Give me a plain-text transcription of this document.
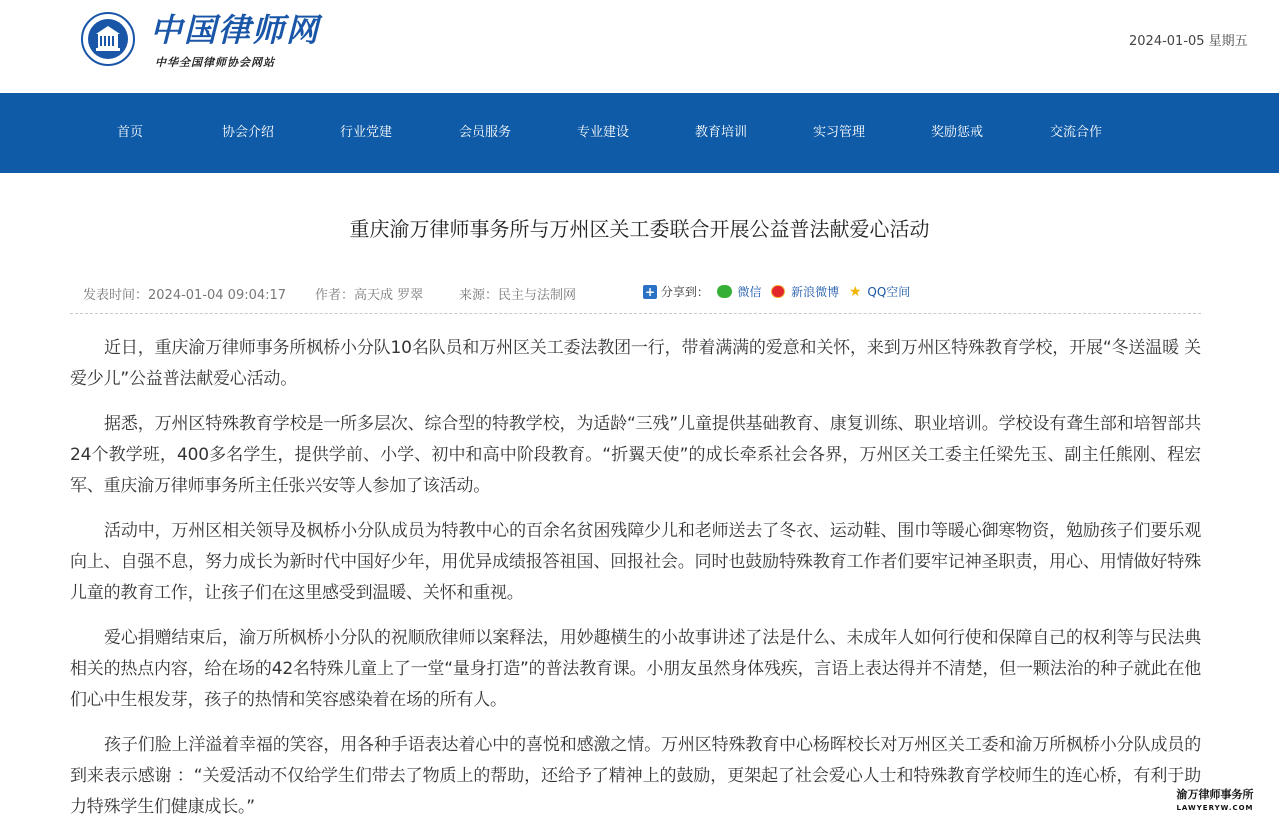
中国律师网
中华全国律师协会网站
2024-01-05 星期五
首页	协会介绍	行业党建	会员服务	专业建设	教育培训	实习管理	奖励惩戒	交流合作
重庆渝万律师事务所与万州区关工委联合开展公益普法献爱心活动
发表时间：2024-01-04 09:04:17 作者：高天成 罗翠	来源：民主与法制网	+ 分享到： 微信 新浪微博 ★ QQ空间

近日，重庆渝万律师事务所枫桥小分队10名队员和万州区关工委法教团一行，带着满满的爱意和关怀，来到万州区特殊教育学校，开展“冬送温暖 关爱少儿”公益普法献爱心活动。

据悉，万州区特殊教育学校是一所多层次、综合型的特教学校，为适龄“三残”儿童提供基础教育、康复训练、职业培训。学校设有聋生部和培智部共24个教学班，400多名学生，提供学前、小学、初中和高中阶段教育。“折翼天使”的成长牵系社会各界，万州区关工委主任梁先玉、副主任熊刚、程宏军、重庆渝万律师事务所主任张兴安等人参加了该活动。

活动中，万州区相关领导及枫桥小分队成员为特教中心的百余名贫困残障少儿和老师送去了冬衣、运动鞋、围巾等暖心御寒物资，勉励孩子们要乐观向上、自强不息，努力成长为新时代中国好少年，用优异成绩报答祖国、回报社会。同时也鼓励特殊教育工作者们要牢记神圣职责，用心、用情做好特殊儿童的教育工作，让孩子们在这里感受到温暖、关怀和重视。

爱心捐赠结束后，渝万所枫桥小分队的祝顺欣律师以案释法，用妙趣横生的小故事讲述了法是什么、未成年人如何行使和保障自己的权利等与民法典相关的热点内容，给在场的42名特殊儿童上了一堂“量身打造”的普法教育课。小朋友虽然身体残疾，言语上表达得并不清楚，但一颗法治的种子就此在他们心中生根发芽，孩子的热情和笑容感染着在场的所有人。

孩子们脸上洋溢着幸福的笑容，用各种手语表达着心中的喜悦和感激之情。万州区特殊教育中心杨晖校长对万州区关工委和渝万所枫桥小分队成员的到来表示感谢 ：“关爱活动不仅给学生们带去了物质上的帮助，还给予了精神上的鼓励，更架起了社会爱心人士和特殊教育学校师生的连心桥，有利于助力特殊学生们健康成长。”

渝万律师事务所
LAWYERYW.COM
